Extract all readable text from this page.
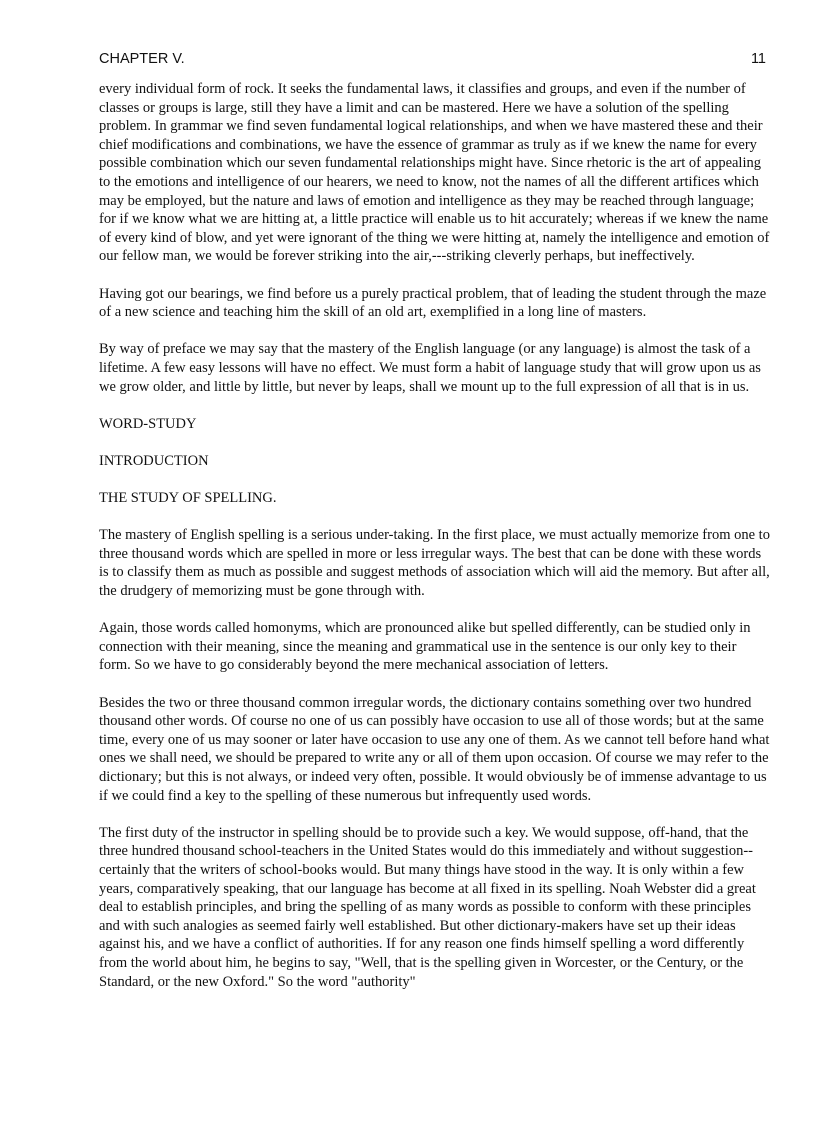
CHAPTER V.	11

every individual form of rock. It seeks the fundamental laws, it classifies and groups, and even if the number of classes or groups is large, still they have a limit and can be mastered. Here we have a solution of the spelling problem. In grammar we find seven fundamental logical relationships, and when we have mastered these and their chief modifications and combinations, we have the essence of grammar as truly as if we knew the name for every possible combination which our seven fundamental relationships might have. Since rhetoric is the art of appealing to the emotions and intelligence of our hearers, we need to know, not the names of all the different artifices which may be employed, but the nature and laws of emotion and intelligence as they may be reached through language; for if we know what we are hitting at, a little practice will enable us to hit accurately; whereas if we knew the name of every kind of blow, and yet were ignorant of the thing we were hitting at, namely the intelligence and emotion of our fellow man, we would be forever striking into the air,---striking cleverly perhaps, but ineffectively.

Having got our bearings, we find before us a purely practical problem, that of leading the student through the maze of a new science and teaching him the skill of an old art, exemplified in a long line of masters.

By way of preface we may say that the mastery of the English language (or any language) is almost the task of a lifetime. A few easy lessons will have no effect. We must form a habit of language study that will grow upon us as we grow older, and little by little, but never by leaps, shall we mount up to the full expression of all that is in us.

WORD-STUDY

INTRODUCTION

THE STUDY OF SPELLING.

The mastery of English spelling is a serious under-taking. In the first place, we must actually memorize from one to three thousand words which are spelled in more or less irregular ways. The best that can be done with these words is to classify them as much as possible and suggest methods of association which will aid the memory. But after all, the drudgery of memorizing must be gone through with.

Again, those words called homonyms, which are pronounced alike but spelled differently, can be studied only in connection with their meaning, since the meaning and grammatical use in the sentence is our only key to their form. So we have to go considerably beyond the mere mechanical association of letters.

Besides the two or three thousand common irregular words, the dictionary contains something over two hundred thousand other words. Of course no one of us can possibly have occasion to use all of those words; but at the same time, every one of us may sooner or later have occasion to use any one of them. As we cannot tell before hand what ones we shall need, we should be prepared to write any or all of them upon occasion. Of course we may refer to the dictionary; but this is not always, or indeed very often, possible. It would obviously be of immense advantage to us if we could find a key to the spelling of these numerous but infrequently used words.

The first duty of the instructor in spelling should be to provide such a key. We would suppose, off-hand, that the three hundred thousand school-teachers in the United States would do this immediately and without suggestion--certainly that the writers of school-books would. But many things have stood in the way. It is only within a few years, comparatively speaking, that our language has become at all fixed in its spelling. Noah Webster did a great deal to establish principles, and bring the spelling of as many words as possible to conform with these principles and with such analogies as seemed fairly well established. But other dictionary-makers have set up their ideas against his, and we have a conflict of authorities. If for any reason one finds himself spelling a word differently from the world about him, he begins to say, "Well, that is the spelling given in Worcester, or the Century, or the Standard, or the new Oxford." So the word "authority"
